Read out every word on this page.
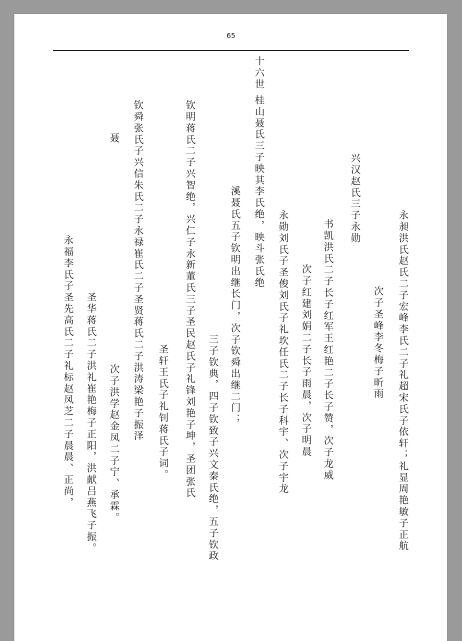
65
十六世 桂山聂氏三子映其李氏绝，映斗张氏绝
钦明蒋氏二子兴智绝，兴仁子永新董氏三子圣民赵氏子礼锋刘艳子坤，圣团张氏
圣轩王氏子礼钊蒋氏子词。
钦舜张氏子兴信朱氏二子永禄崔氏二子圣贤蒋氏二子洪涛梁艳子振泽
聂
永福李氏子圣先高氏二子礼标赵凤芝二子晨晨、正尚， 圣华蒋氏二子洪礼崔艳梅子正阳，洪献吕燕飞子振。 次子洪学赵金凤二子宁、承霖。
溪聂氏五子钦明出继长门，次子钦舜出继二门；
三子钦典，四子钦致子兴文秦氏绝，五子钦政
兴汉赵氏三子永勋
永勋刘氏子圣俊刘氏子礼坎任氏二子长子科宇、次子宇龙	书凯洪氏二子长子红军王红艳二子长子赞，次子龙威
次子红建刘娟二子长子雨晨，次子明晨	永昶洪氏赵氏二子宏峰李氏二子礼超宋氏子依轩；礼显周艳敏子正航
次子圣峰李冬梅子昕雨
